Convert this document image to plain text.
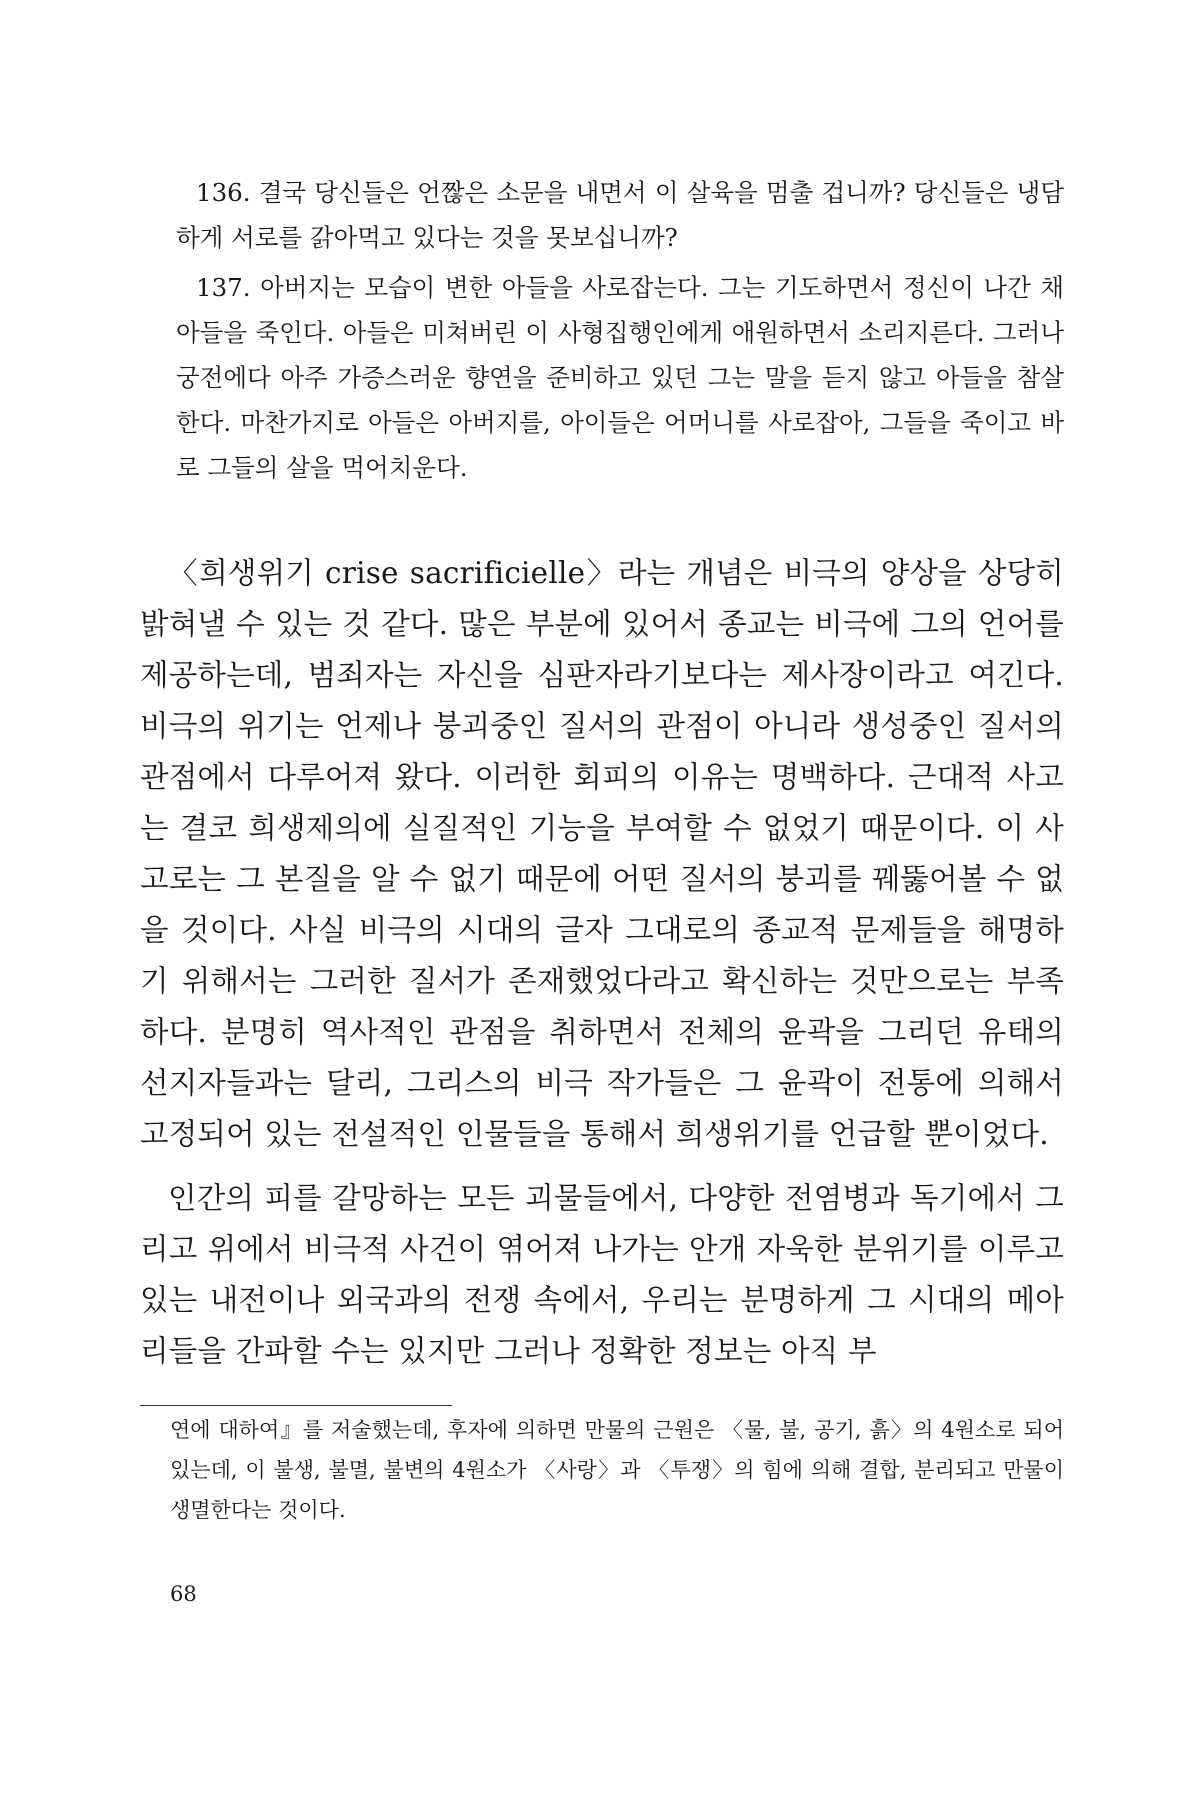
136. 결국 당신들은 언짢은 소문을 내면서 이 살육을 멈출 겁니까? 당신들은 냉담하게 서로를 갉아먹고 있다는 것을 못보십니까?

137. 아버지는 모습이 변한 아들을 사로잡는다. 그는 기도하면서 정신이 나간 채 아들을 죽인다. 아들은 미쳐버린 이 사형집행인에게 애원하면서 소리지른다. 그러나 궁전에다 아주 가증스러운 향연을 준비하고 있던 그는 말을 듣지 않고 아들을 참살한다. 마찬가지로 아들은 아버지를, 아이들은 어머니를 사로잡아, 그들을 죽이고 바로 그들의 살을 먹어치운다.

〈희생위기 crise sacrificielle〉라는 개념은 비극의 양상을 상당히 밝혀낼 수 있는 것 같다. 많은 부분에 있어서 종교는 비극에 그의 언어를 제공하는데, 범죄자는 자신을 심판자라기보다는 제사장이라고 여긴다. 비극의 위기는 언제나 붕괴중인 질서의 관점이 아니라 생성중인 질서의 관점에서 다루어져 왔다. 이러한 회피의 이유는 명백하다. 근대적 사고는 결코 희생제의에 실질적인 기능을 부여할 수 없었기 때문이다. 이 사고로는 그 본질을 알 수 없기 때문에 어떤 질서의 붕괴를 꿰뚫어볼 수 없을 것이다. 사실 비극의 시대의 글자 그대로의 종교적 문제들을 해명하기 위해서는 그러한 질서가 존재했었다라고 확신하는 것만으로는 부족하다. 분명히 역사적인 관점을 취하면서 전체의 윤곽을 그리던 유태의 선지자들과는 달리, 그리스의 비극 작가들은 그 윤곽이 전통에 의해서 고정되어 있는 전설적인 인물들을 통해서 희생위기를 언급할 뿐이었다.

인간의 피를 갈망하는 모든 괴물들에서, 다양한 전염병과 독기에서 그리고 위에서 비극적 사건이 엮어져 나가는 안개 자욱한 분위기를 이루고 있는 내전이나 외국과의 전쟁 속에서, 우리는 분명하게 그 시대의 메아리들을 간파할 수는 있지만 그러나 정확한 정보는 아직 부

연에 대하여』를 저술했는데, 후자에 의하면 만물의 근원은 〈물, 불, 공기, 흙〉의 4원소로 되어 있는데, 이 불생, 불멸, 불변의 4원소가 〈사랑〉과 〈투쟁〉의 힘에 의해 결합, 분리되고 만물이 생멸한다는 것이다.

68
